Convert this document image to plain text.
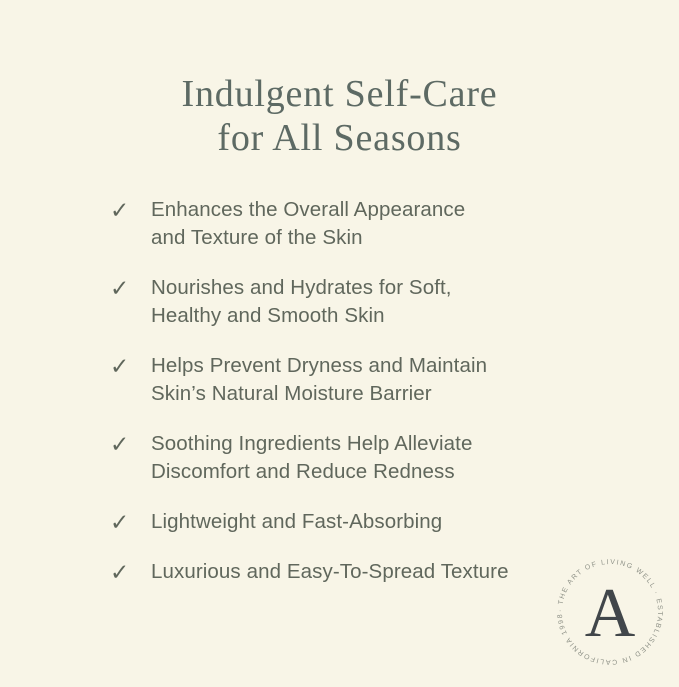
Indulgent Self-Care
for All Seasons
✓	Enhances the Overall Appearance
and Texture of the Skin
✓	Nourishes and Hydrates for Soft,
Healthy and Smooth Skin
✓	Helps Prevent Dryness and Maintain
Skin’s Natural Moisture Barrier
✓	Soothing Ingredients Help Alleviate
Discomfort and Reduce Redness
✓	Lightweight and Fast-Absorbing
✓	Luxurious and Easy-To-Spread Texture
· THE ART OF LIVING WELL · ESTABLISHED IN CALIFORNIA 1998 A
